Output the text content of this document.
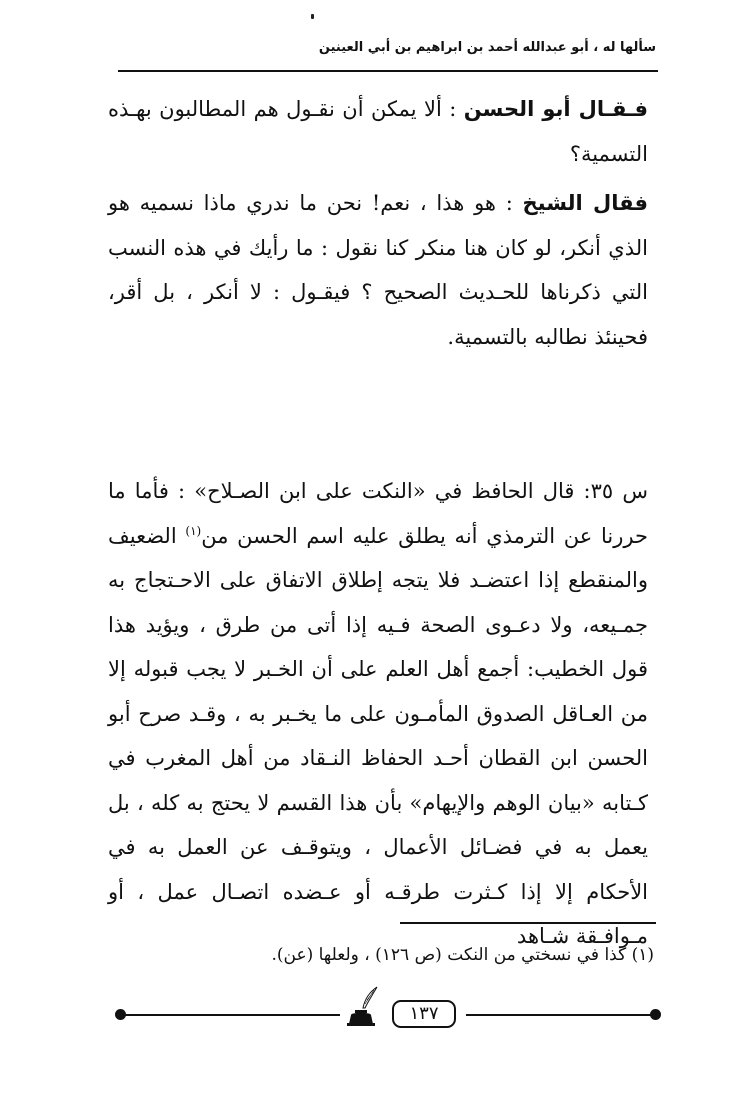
سألها له ، أبو عبدالله أحمد بن ابراهيم بن أبي العينين
فـقـال أبو الحسن : ألا يمكن أن نقـول هم المطالبون بهـذه التسمية؟
فقال الشيخ : هو هذا ، نعم! نحن ما ندري ماذا نسميه هو الذي أنكر، لو كان هنا منكر كنا نقول : ما رأيك في هذه النسب التي ذكرناها للحـديث الصحيح ؟ فيقـول : لا أنكر ، بل أقر، فحينئذ نطالبه بالتسمية.
س ٣٥: قال الحافظ في «النكت على ابن الصـلاح» : فأما ما حررنا عن الترمذي أنه يطلق عليه اسم الحسن من$^{(١)}$ الضعيف والمنقطع إذا اعتضـد فلا يتجه إطلاق الاتفاق على الاحـتجاج به جمـيعه، ولا دعـوى الصحة فـيه إذا أتى من طرق ، ويؤيد هذا قول الخطيب: أجمع أهل العلم على أن الخـبر لا يجب قبوله إلا من العـاقل الصدوق المأمـون على ما يخـبر به ، وقـد صرح أبو الحسن ابن القطان أحـد الحفاظ النـقاد من أهل المغرب في كـتابه «بيان الوهم والإيهام» بأن هذا القسم لا يحتج به كله ، بل يعمل به في فضـائل الأعمال ، ويتوقـف عن العمل به في الأحكام إلا إذا كـثرت طرقـه أو عـضده اتصـال عمل ، أو مـوافـقة شـاهد
(١) كذا في نسختي من النكت (ص ١٢٦) ، ولعلها (عن).
١٣٧
